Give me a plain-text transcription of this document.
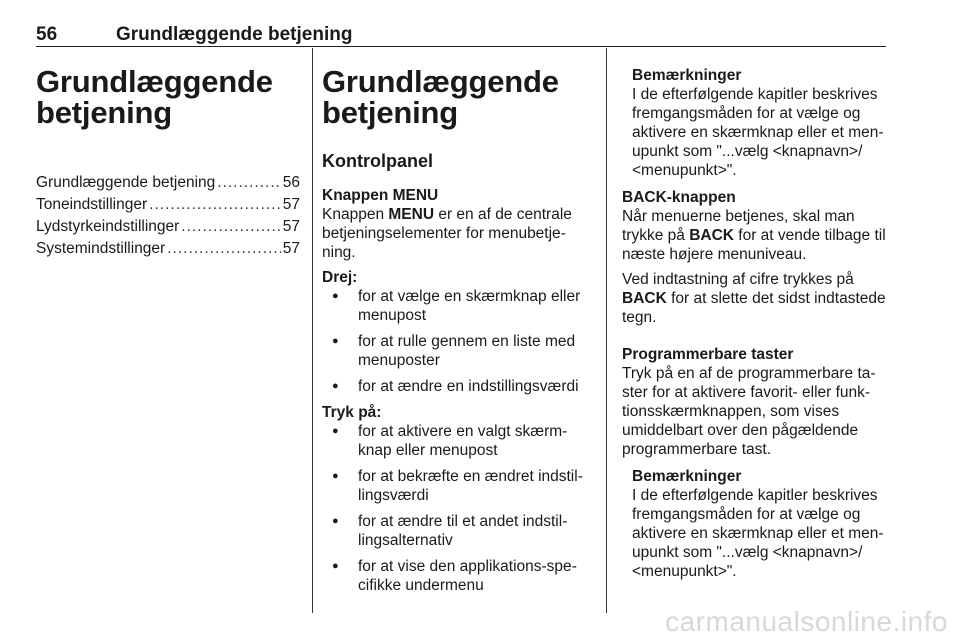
56	Grundlæggende betjening
Grundlæggende betjening
Grundlæggende betjening .....	56
Toneindstillinger .....	57
Lydstyrkeindstillinger .....	57
Systemindstillinger .....	57
Grundlæggende betjening
Kontrolpanel
Knappen MENU

Knappen MENU er en af de centrale betjeningselementer for menubetjening.

Drej:
● for at vælge en skærmknap eller menupost
● for at rulle gennem en liste med menuposter
● for at ændre en indstillingsværdi
Tryk på:
● for at aktivere en valgt skærmknap eller menupost
● for at bekræfte en ændret indstillingsværdi
● for at ændre til et andet indstillingsalternativ
● for at vise den applikations-specifikke undermenu
Bemærkninger

I de efterfølgende kapitler beskrives fremgangsmåden for at vælge og aktivere en skærmknap eller et menupunkt som "...vælg <knapnavn>/ <menupunkt>".

BACK-knappen

Når menuerne betjenes, skal man trykke på BACK for at vende tilbage til næste højere menuniveau.

Ved indtastning af cifre trykkes på BACK for at slette det sidst indtastede tegn.

Programmerbare taster

Tryk på en af de programmerbare taster for at aktivere favorit- eller funktionsskærmknappen, som vises umiddelbart over den pågældende programmerbare tast.

Bemærkninger

I de efterfølgende kapitler beskrives fremgangsmåden for at vælge og aktivere en skærmknap eller et menupunkt som "...vælg <knapnavn>/ <menupunkt>".

carmanualsonline.info
